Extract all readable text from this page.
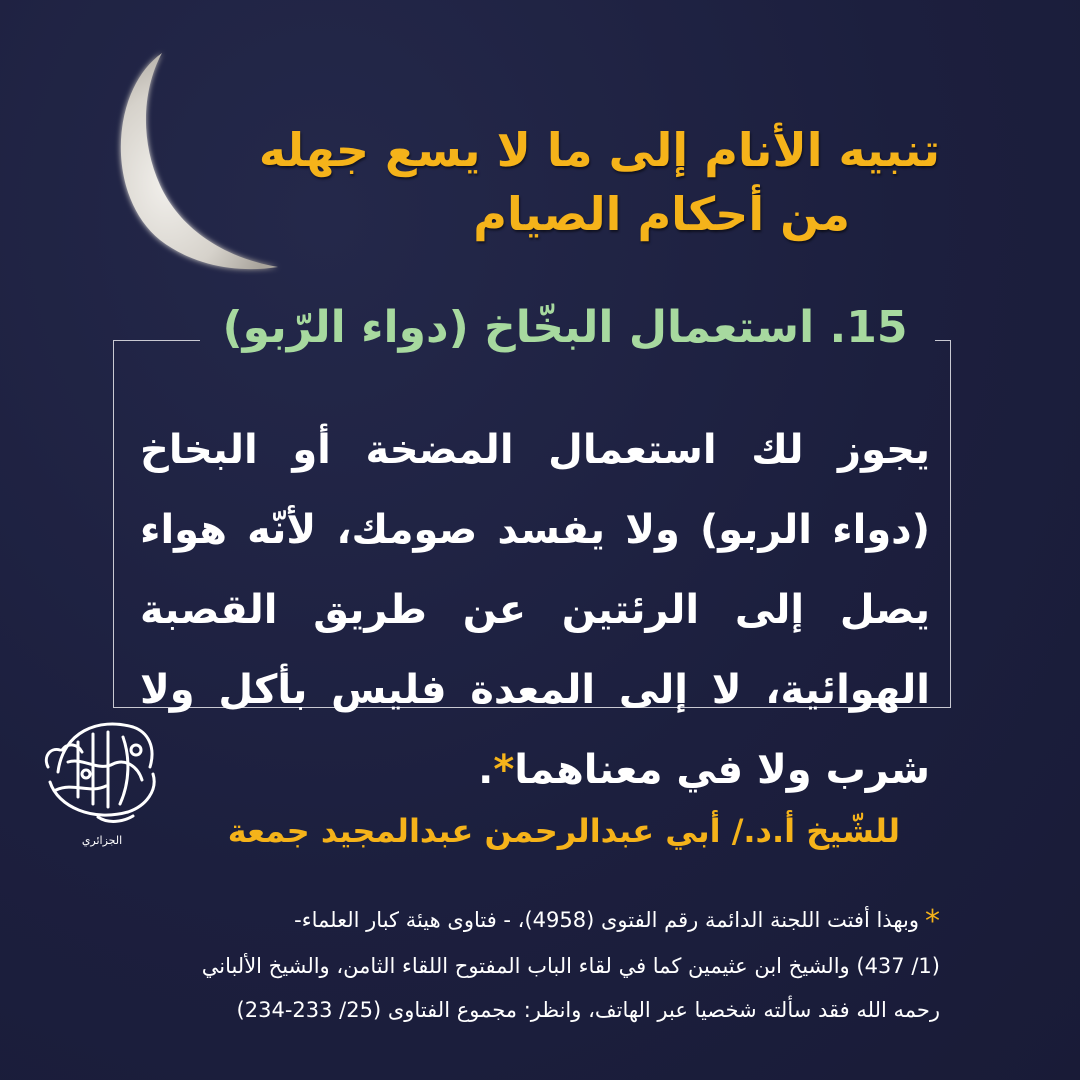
تنبيه الأنام إلى ما لا يسع جهله
من أحكام الصيام
15. استعمال البخّاخ (دواء الرّبو)
يجوز لك استعمال المضخة أو البخاخ (دواء الربو) ولا يفسد صومك، لأنّه هواء يصل إلى الرئتين عن طريق القصبة الهوائية، لا إلى المعدة فليس بأكل ولا شرب ولا في معناهما*.
الجزائري	للشّيخ أ.د./ أبي عبدالرحمن عبدالمجيد جمعة
*وبهذا أفتت اللجنة الدائمة رقم الفتوى (4958)، - فتاوى هيئة كبار العلماء-
(1/ 437) والشيخ ابن عثيمين كما في لقاء الباب المفتوح اللقاء الثامن، والشيخ الألباني
رحمه الله فقد سألته شخصيا عبر الهاتف، وانظر: مجموع الفتاوى (25/ 233-234)
